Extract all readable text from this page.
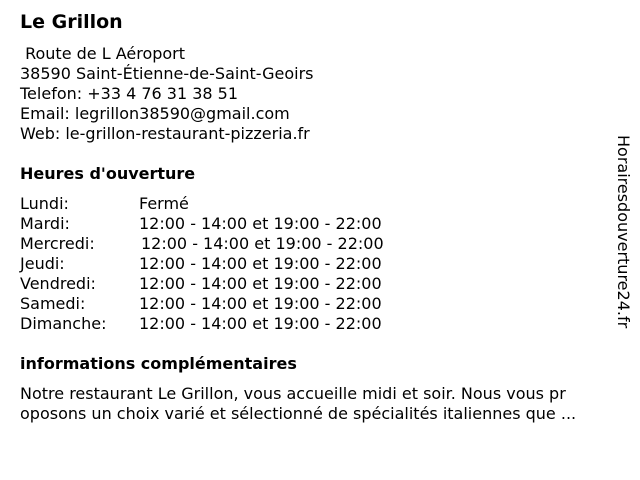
Le Grillon
Route de L Aéroport
38590 Saint-Étienne-de-Saint-Geoirs
Telefon: +33 4 76 31 38 51
Email: legrillon38590@gmail.com
Web: le-grillon-restaurant-pizzeria.fr
Heures d'ouverture
Lundi:	Fermé
Mardi:	12:00 - 14:00 et 19:00 - 22:00
Mercredi:	12:00 - 14:00 et 19:00 - 22:00
Jeudi:	12:00 - 14:00 et 19:00 - 22:00
Vendredi:	12:00 - 14:00 et 19:00 - 22:00
Samedi:	12:00 - 14:00 et 19:00 - 22:00
Dimanche: 12:00 - 14:00 et 19:00 - 22:00
informations complémentaires
Notre restaurant Le Grillon, vous accueille midi et soir. Nous vous pr
oposons un choix varié et sélectionné de spécialités italiennes que ...
Horairesdouverture24.fr
